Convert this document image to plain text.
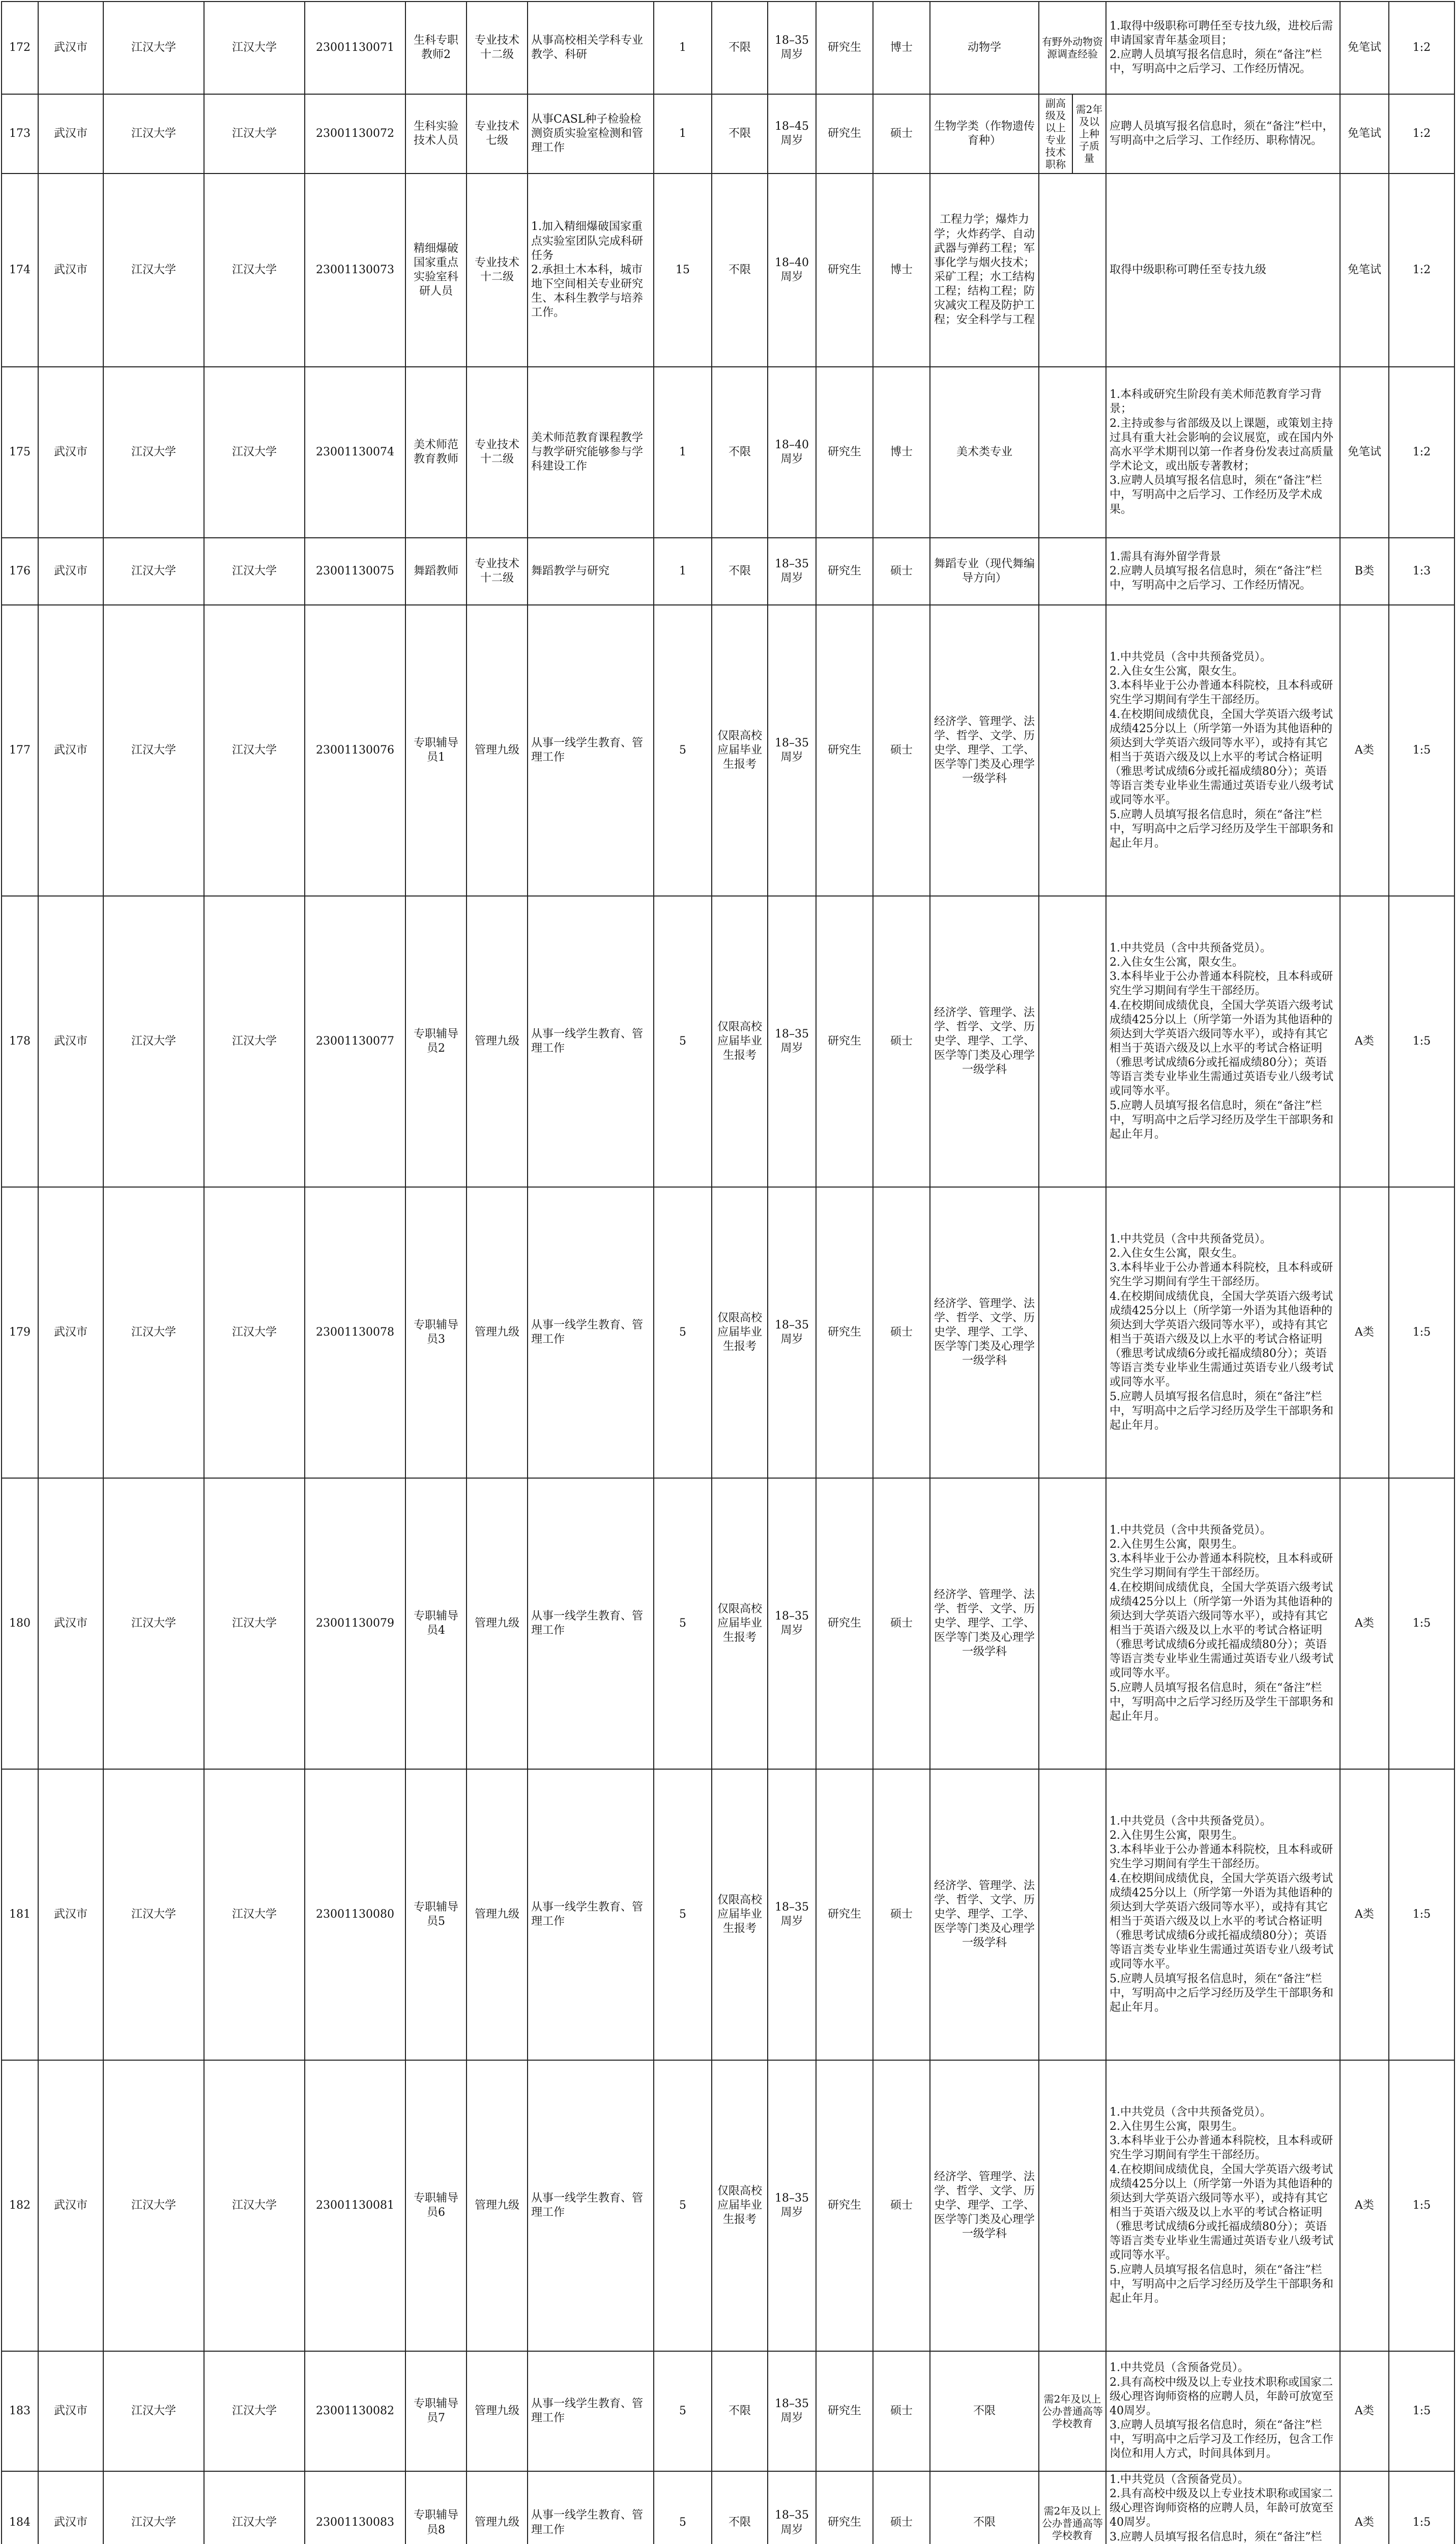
172	武汉市	江汉大学	江汉大学	23001130071	生科专职教师2	专业技术十二级	从事高校相关学科专业教学、科研	1	不限	18–35周岁	研究生	博士	动物学	有野外动物资源调查经验		1.取得中级职称可聘任至专技九级，进校后需申请国家青年基金项目；
2.应聘人员填写报名信息时，须在“备注”栏中，写明高中之后学习、工作经历情况。	免笔试	1:2
173	武汉市	江汉大学	江汉大学	23001130072	生科实验技术人员	专业技术七级	从事CASL种子检验检测资质实验室检测和管理工作	1	不限	18–45周岁	研究生	硕士	生物学类（作物遗传育种）	副高级及以上专业技术职称	需2年及以上种子质量	应聘人员填写报名信息时，须在“备注”栏中，写明高中之后学习、工作经历、职称情况。	免笔试	1:2
174	武汉市	江汉大学	江汉大学	23001130073	精细爆破国家重点实验室科研人员	专业技术十二级	1.加入精细爆破国家重点实验室团队完成科研任务
2.承担土木本科，城市地下空间相关专业研究生、本科生教学与培养工作。	15	不限	18–40周岁	研究生	博士	工程力学；爆炸力学；火炸药学、自动武器与弹药工程；军事化学与烟火技术；采矿工程；水工结构工程；结构工程；防灾减灾工程及防护工程；安全科学与工程			取得中级职称可聘任至专技九级	免笔试	1:2
175	武汉市	江汉大学	江汉大学	23001130074	美术师范教育教师	专业技术十二级	美术师范教育课程教学与教学研究能够参与学科建设工作	1	不限	18–40周岁	研究生	博士	美术类专业			1.本科或研究生阶段有美术师范教育学习背景；
2.主持或参与省部级及以上课题，或策划主持过具有重大社会影响的会议展览，或在国内外高水平学术期刊以第一作者身份发表过高质量学术论文，或出版专著教材；
3.应聘人员填写报名信息时，须在“备注”栏中，写明高中之后学习、工作经历及学术成果。	免笔试	1:2
176	武汉市	江汉大学	江汉大学	23001130075	舞蹈教师	专业技术十二级	舞蹈教学与研究	1	不限	18–35周岁	研究生	硕士	舞蹈专业（现代舞编导方向）			1.需具有海外留学背景
2.应聘人员填写报名信息时，须在“备注”栏中，写明高中之后学习、工作经历情况。	B类	1:3
177	武汉市	江汉大学	江汉大学	23001130076	专职辅导员1	管理九级	从事一线学生教育、管理工作	5	仅限高校应届毕业生报考	18–35周岁	研究生	硕士	经济学、管理学、法学、哲学、文学、历史学、理学、工学、医学等门类及心理学一级学科			1.中共党员（含中共预备党员）。
2.入住女生公寓，限女生。
3.本科毕业于公办普通本科院校，且本科或研究生学习期间有学生干部经历。
4.在校期间成绩优良，全国大学英语六级考试成绩425分以上（所学第一外语为其他语种的须达到大学英语六级同等水平），或持有其它相当于英语六级及以上水平的考试合格证明（雅思考试成绩6分或托福成绩80分）；英语等语言类专业毕业生需通过英语专业八级考试或同等水平。
5.应聘人员填写报名信息时，须在“备注”栏中，写明高中之后学习经历及学生干部职务和起止年月。	A类	1:5
178	武汉市	江汉大学	江汉大学	23001130077	专职辅导员2	管理九级	从事一线学生教育、管理工作	5	仅限高校应届毕业生报考	18–35周岁	研究生	硕士	经济学、管理学、法学、哲学、文学、历史学、理学、工学、医学等门类及心理学一级学科			1.中共党员（含中共预备党员）。
2.入住女生公寓，限女生。
3.本科毕业于公办普通本科院校，且本科或研究生学习期间有学生干部经历。
4.在校期间成绩优良，全国大学英语六级考试成绩425分以上（所学第一外语为其他语种的须达到大学英语六级同等水平），或持有其它相当于英语六级及以上水平的考试合格证明（雅思考试成绩6分或托福成绩80分）；英语等语言类专业毕业生需通过英语专业八级考试或同等水平。
5.应聘人员填写报名信息时，须在“备注”栏中，写明高中之后学习经历及学生干部职务和起止年月。	A类	1:5
179	武汉市	江汉大学	江汉大学	23001130078	专职辅导员3	管理九级	从事一线学生教育、管理工作	5	仅限高校应届毕业生报考	18–35周岁	研究生	硕士	经济学、管理学、法学、哲学、文学、历史学、理学、工学、医学等门类及心理学一级学科			1.中共党员（含中共预备党员）。
2.入住女生公寓，限女生。
3.本科毕业于公办普通本科院校，且本科或研究生学习期间有学生干部经历。
4.在校期间成绩优良，全国大学英语六级考试成绩425分以上（所学第一外语为其他语种的须达到大学英语六级同等水平），或持有其它相当于英语六级及以上水平的考试合格证明（雅思考试成绩6分或托福成绩80分）；英语等语言类专业毕业生需通过英语专业八级考试或同等水平。
5.应聘人员填写报名信息时，须在“备注”栏中，写明高中之后学习经历及学生干部职务和起止年月。	A类	1:5
180	武汉市	江汉大学	江汉大学	23001130079	专职辅导员4	管理九级	从事一线学生教育、管理工作	5	仅限高校应届毕业生报考	18–35周岁	研究生	硕士	经济学、管理学、法学、哲学、文学、历史学、理学、工学、医学等门类及心理学一级学科			1.中共党员（含中共预备党员）。
2.入住男生公寓，限男生。
3.本科毕业于公办普通本科院校，且本科或研究生学习期间有学生干部经历。
4.在校期间成绩优良，全国大学英语六级考试成绩425分以上（所学第一外语为其他语种的须达到大学英语六级同等水平），或持有其它相当于英语六级及以上水平的考试合格证明（雅思考试成绩6分或托福成绩80分）；英语等语言类专业毕业生需通过英语专业八级考试或同等水平。
5.应聘人员填写报名信息时，须在“备注”栏中，写明高中之后学习经历及学生干部职务和起止年月。	A类	1:5
181	武汉市	江汉大学	江汉大学	23001130080	专职辅导员5	管理九级	从事一线学生教育、管理工作	5	仅限高校应届毕业生报考	18–35周岁	研究生	硕士	经济学、管理学、法学、哲学、文学、历史学、理学、工学、医学等门类及心理学一级学科			1.中共党员（含中共预备党员）。
2.入住男生公寓，限男生。
3.本科毕业于公办普通本科院校，且本科或研究生学习期间有学生干部经历。
4.在校期间成绩优良，全国大学英语六级考试成绩425分以上（所学第一外语为其他语种的须达到大学英语六级同等水平），或持有其它相当于英语六级及以上水平的考试合格证明（雅思考试成绩6分或托福成绩80分）；英语等语言类专业毕业生需通过英语专业八级考试或同等水平。
5.应聘人员填写报名信息时，须在“备注”栏中，写明高中之后学习经历及学生干部职务和起止年月。	A类	1:5
182	武汉市	江汉大学	江汉大学	23001130081	专职辅导员6	管理九级	从事一线学生教育、管理工作	5	仅限高校应届毕业生报考	18–35周岁	研究生	硕士	经济学、管理学、法学、哲学、文学、历史学、理学、工学、医学等门类及心理学一级学科			1.中共党员（含中共预备党员）。
2.入住男生公寓，限男生。
3.本科毕业于公办普通本科院校，且本科或研究生学习期间有学生干部经历。
4.在校期间成绩优良，全国大学英语六级考试成绩425分以上（所学第一外语为其他语种的须达到大学英语六级同等水平），或持有其它相当于英语六级及以上水平的考试合格证明（雅思考试成绩6分或托福成绩80分）；英语等语言类专业毕业生需通过英语专业八级考试或同等水平。
5.应聘人员填写报名信息时，须在“备注”栏中，写明高中之后学习经历及学生干部职务和起止年月。	A类	1:5
183	武汉市	江汉大学	江汉大学	23001130082	专职辅导员7	管理九级	从事一线学生教育、管理工作	5	不限	18–35周岁	研究生	硕士	不限	需2年及以上公办普通高等学校教育		1.中共党员（含预备党员）。
2.具有高校中级及以上专业技术职称或国家二级心理咨询师资格的应聘人员，年龄可放宽至40周岁。
3.应聘人员填写报名信息时，须在“备注”栏中，写明高中之后学习及工作经历，包含工作岗位和用人方式，时间具体到月。	A类	1:5
184	武汉市	江汉大学	江汉大学	23001130083	专职辅导员8	管理九级	从事一线学生教育、管理工作	5	不限	18–35周岁	研究生	硕士	不限	需2年及以上公办普通高等学校教育		1.中共党员（含预备党员）。
2.具有高校中级及以上专业技术职称或国家二级心理咨询师资格的应聘人员，年龄可放宽至40周岁。
3.应聘人员填写报名信息时，须在“备注”栏	A类	1:5
